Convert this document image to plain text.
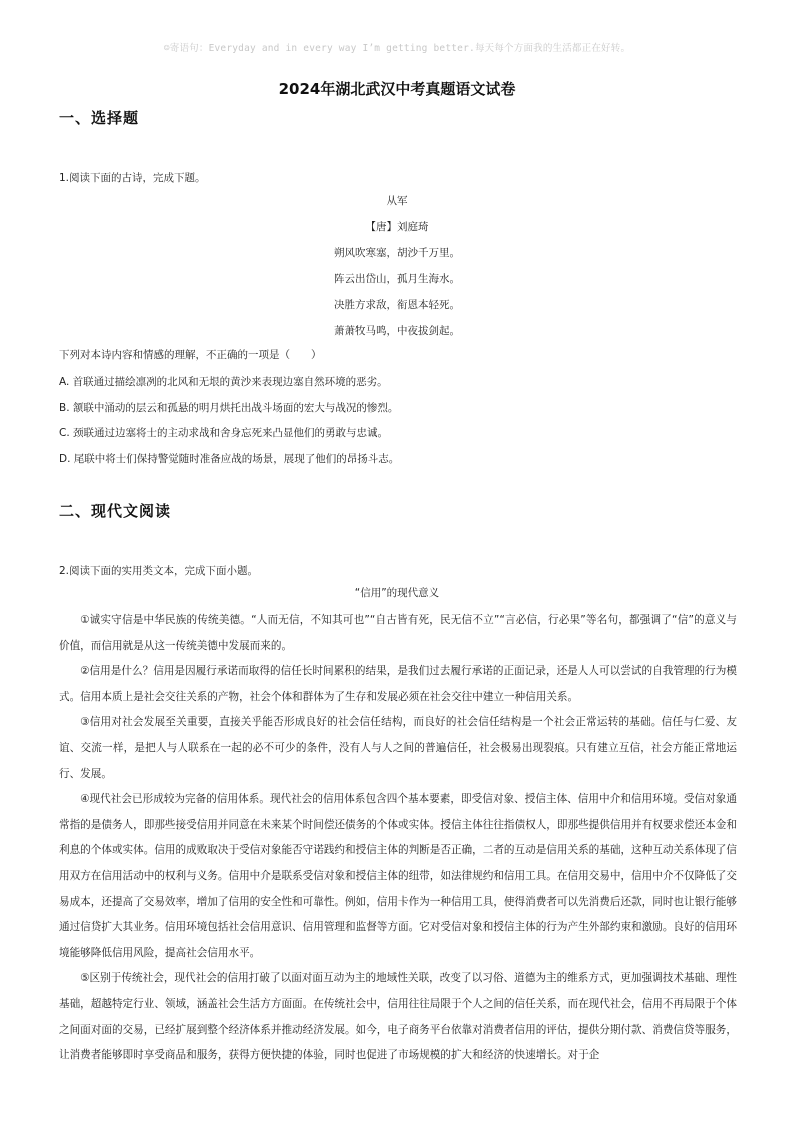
☺寄语句：Everyday and in every way I’m getting better.每天每个方面我的生活都正在好转。
2024年湖北武汉中考真题语文试卷
一、选择题
1.阅读下面的古诗，完成下题。
从军
【唐】刘庭琦
朔风吹寒塞，胡沙千万里。
阵云出岱山，孤月生海水。
决胜方求敌，衔恩本轻死。
萧萧牧马鸣，中夜拔剑起。
下列对本诗内容和情感的理解，不正确的一项是（　　）
A. 首联通过描绘凛冽的北风和无垠的黄沙来表现边塞自然环境的恶劣。
B. 颔联中涌动的层云和孤悬的明月烘托出战斗场面的宏大与战况的惨烈。
C. 颈联通过边塞将士的主动求战和舍身忘死来凸显他们的勇敢与忠诚。
D. 尾联中将士们保持警觉随时准备应战的场景，展现了他们的昂扬斗志。
二、现代文阅读
2.阅读下面的实用类文本，完成下面小题。
“信用”的现代意义

①诚实守信是中华民族的传统美德。“人而无信，不知其可也”“自古皆有死，民无信不立”“言必信，行必果”等名句，都强调了“信”的意义与价值，而信用就是从这一传统美德中发展而来的。

②信用是什么？信用是因履行承诺而取得的信任长时间累积的结果，是我们过去履行承诺的正面记录，还是人人可以尝试的自我管理的行为模式。信用本质上是社会交往关系的产物，社会个体和群体为了生存和发展必须在社会交往中建立一种信用关系。

③信用对社会发展至关重要，直接关乎能否形成良好的社会信任结构，而良好的社会信任结构是一个社会正常运转的基础。信任与仁爱、友谊、交流一样，是把人与人联系在一起的必不可少的条件，没有人与人之间的普遍信任，社会极易出现裂痕。只有建立互信，社会方能正常地运行、发展。

④现代社会已形成较为完备的信用体系。现代社会的信用体系包含四个基本要素，即受信对象、授信主体、信用中介和信用环境。受信对象通常指的是债务人，即那些接受信用并同意在未来某个时间偿还债务的个体或实体。授信主体往往指债权人，即那些提供信用并有权要求偿还本金和利息的个体或实体。信用的成败取决于受信对象能否守诺践约和授信主体的判断是否正确，二者的互动是信用关系的基础，这种互动关系体现了信用双方在信用活动中的权利与义务。信用中介是联系受信对象和授信主体的纽带，如法律规约和信用工具。在信用交易中，信用中介不仅降低了交易成本，还提高了交易效率，增加了信用的安全性和可靠性。例如，信用卡作为一种信用工具，使得消费者可以先消费后还款，同时也让银行能够通过信贷扩大其业务。信用环境包括社会信用意识、信用管理和监督等方面。它对受信对象和授信主体的行为产生外部约束和激励。良好的信用环境能够降低信用风险，提高社会信用水平。

⑤区别于传统社会，现代社会的信用打破了以面对面互动为主的地域性关联，改变了以习俗、道德为主的维系方式，更加强调技术基础、理性基础，超越特定行业、领域，涵盖社会生活方方面面。在传统社会中，信用往往局限于个人之间的信任关系，而在现代社会，信用不再局限于个体之间面对面的交易，已经扩展到整个经济体系并推动经济发展。如今，电子商务平台依靠对消费者信用的评估，提供分期付款、消费信贷等服务，让消费者能够即时享受商品和服务，获得方便快捷的体验，同时也促进了市场规模的扩大和经济的快速增长。对于企
